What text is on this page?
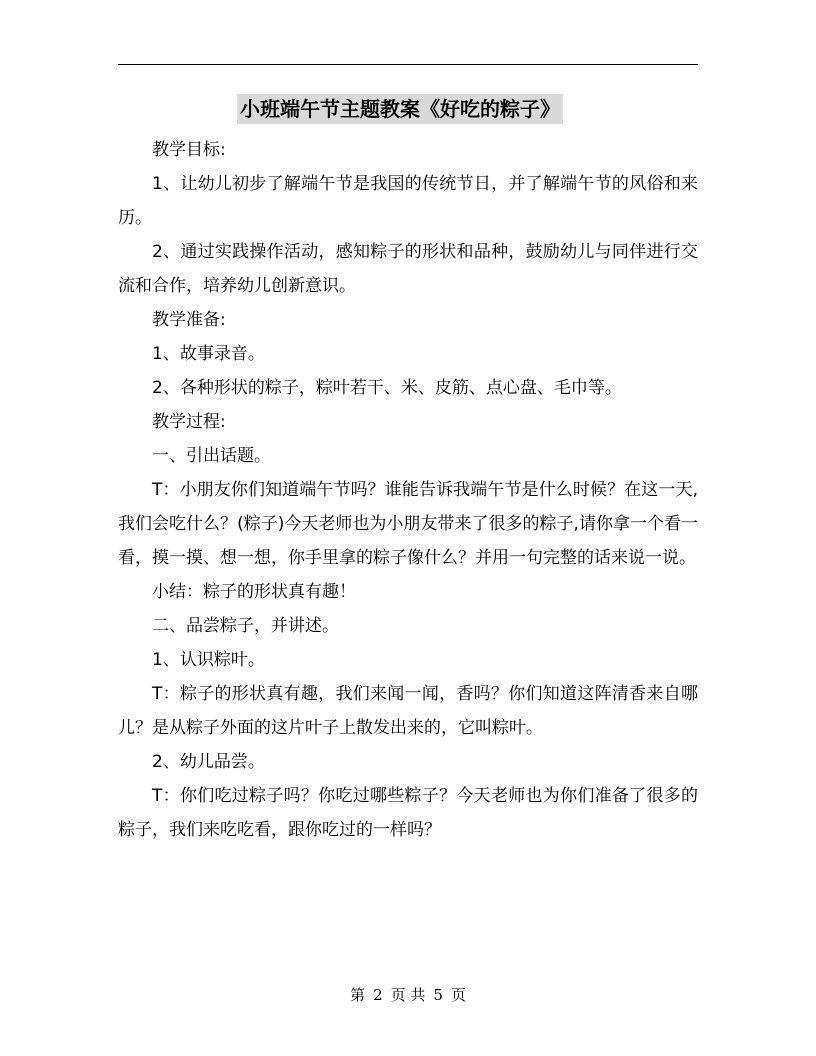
小班端午节主题教案《好吃的粽子》

教学目标:

1、让幼儿初步了解端午节是我国的传统节日，并了解端午节的风俗和来历。

2、通过实践操作活动，感知粽子的形状和品种，鼓励幼儿与同伴进行交流和合作，培养幼儿创新意识。

教学准备:

1、故事录音。

2、各种形状的粽子，粽叶若干、米、皮筋、点心盘、毛巾等。

教学过程:

一、引出话题。

T：小朋友你们知道端午节吗？谁能告诉我端午节是什么时候？在这一天,我们会吃什么？(粽子)今天老师也为小朋友带来了很多的粽子,请你拿一个看一看，摸一摸、想一想，你手里拿的粽子像什么？并用一句完整的话来说一说。

小结：粽子的形状真有趣！

二、品尝粽子，并讲述。

1、认识粽叶。

T：粽子的形状真有趣，我们来闻一闻，香吗？你们知道这阵清香来自哪儿？是从粽子外面的这片叶子上散发出来的，它叫粽叶。

2、幼儿品尝。

T：你们吃过粽子吗？你吃过哪些粽子？今天老师也为你们准备了很多的粽子，我们来吃吃看，跟你吃过的一样吗？

第 2 页 共 5 页
